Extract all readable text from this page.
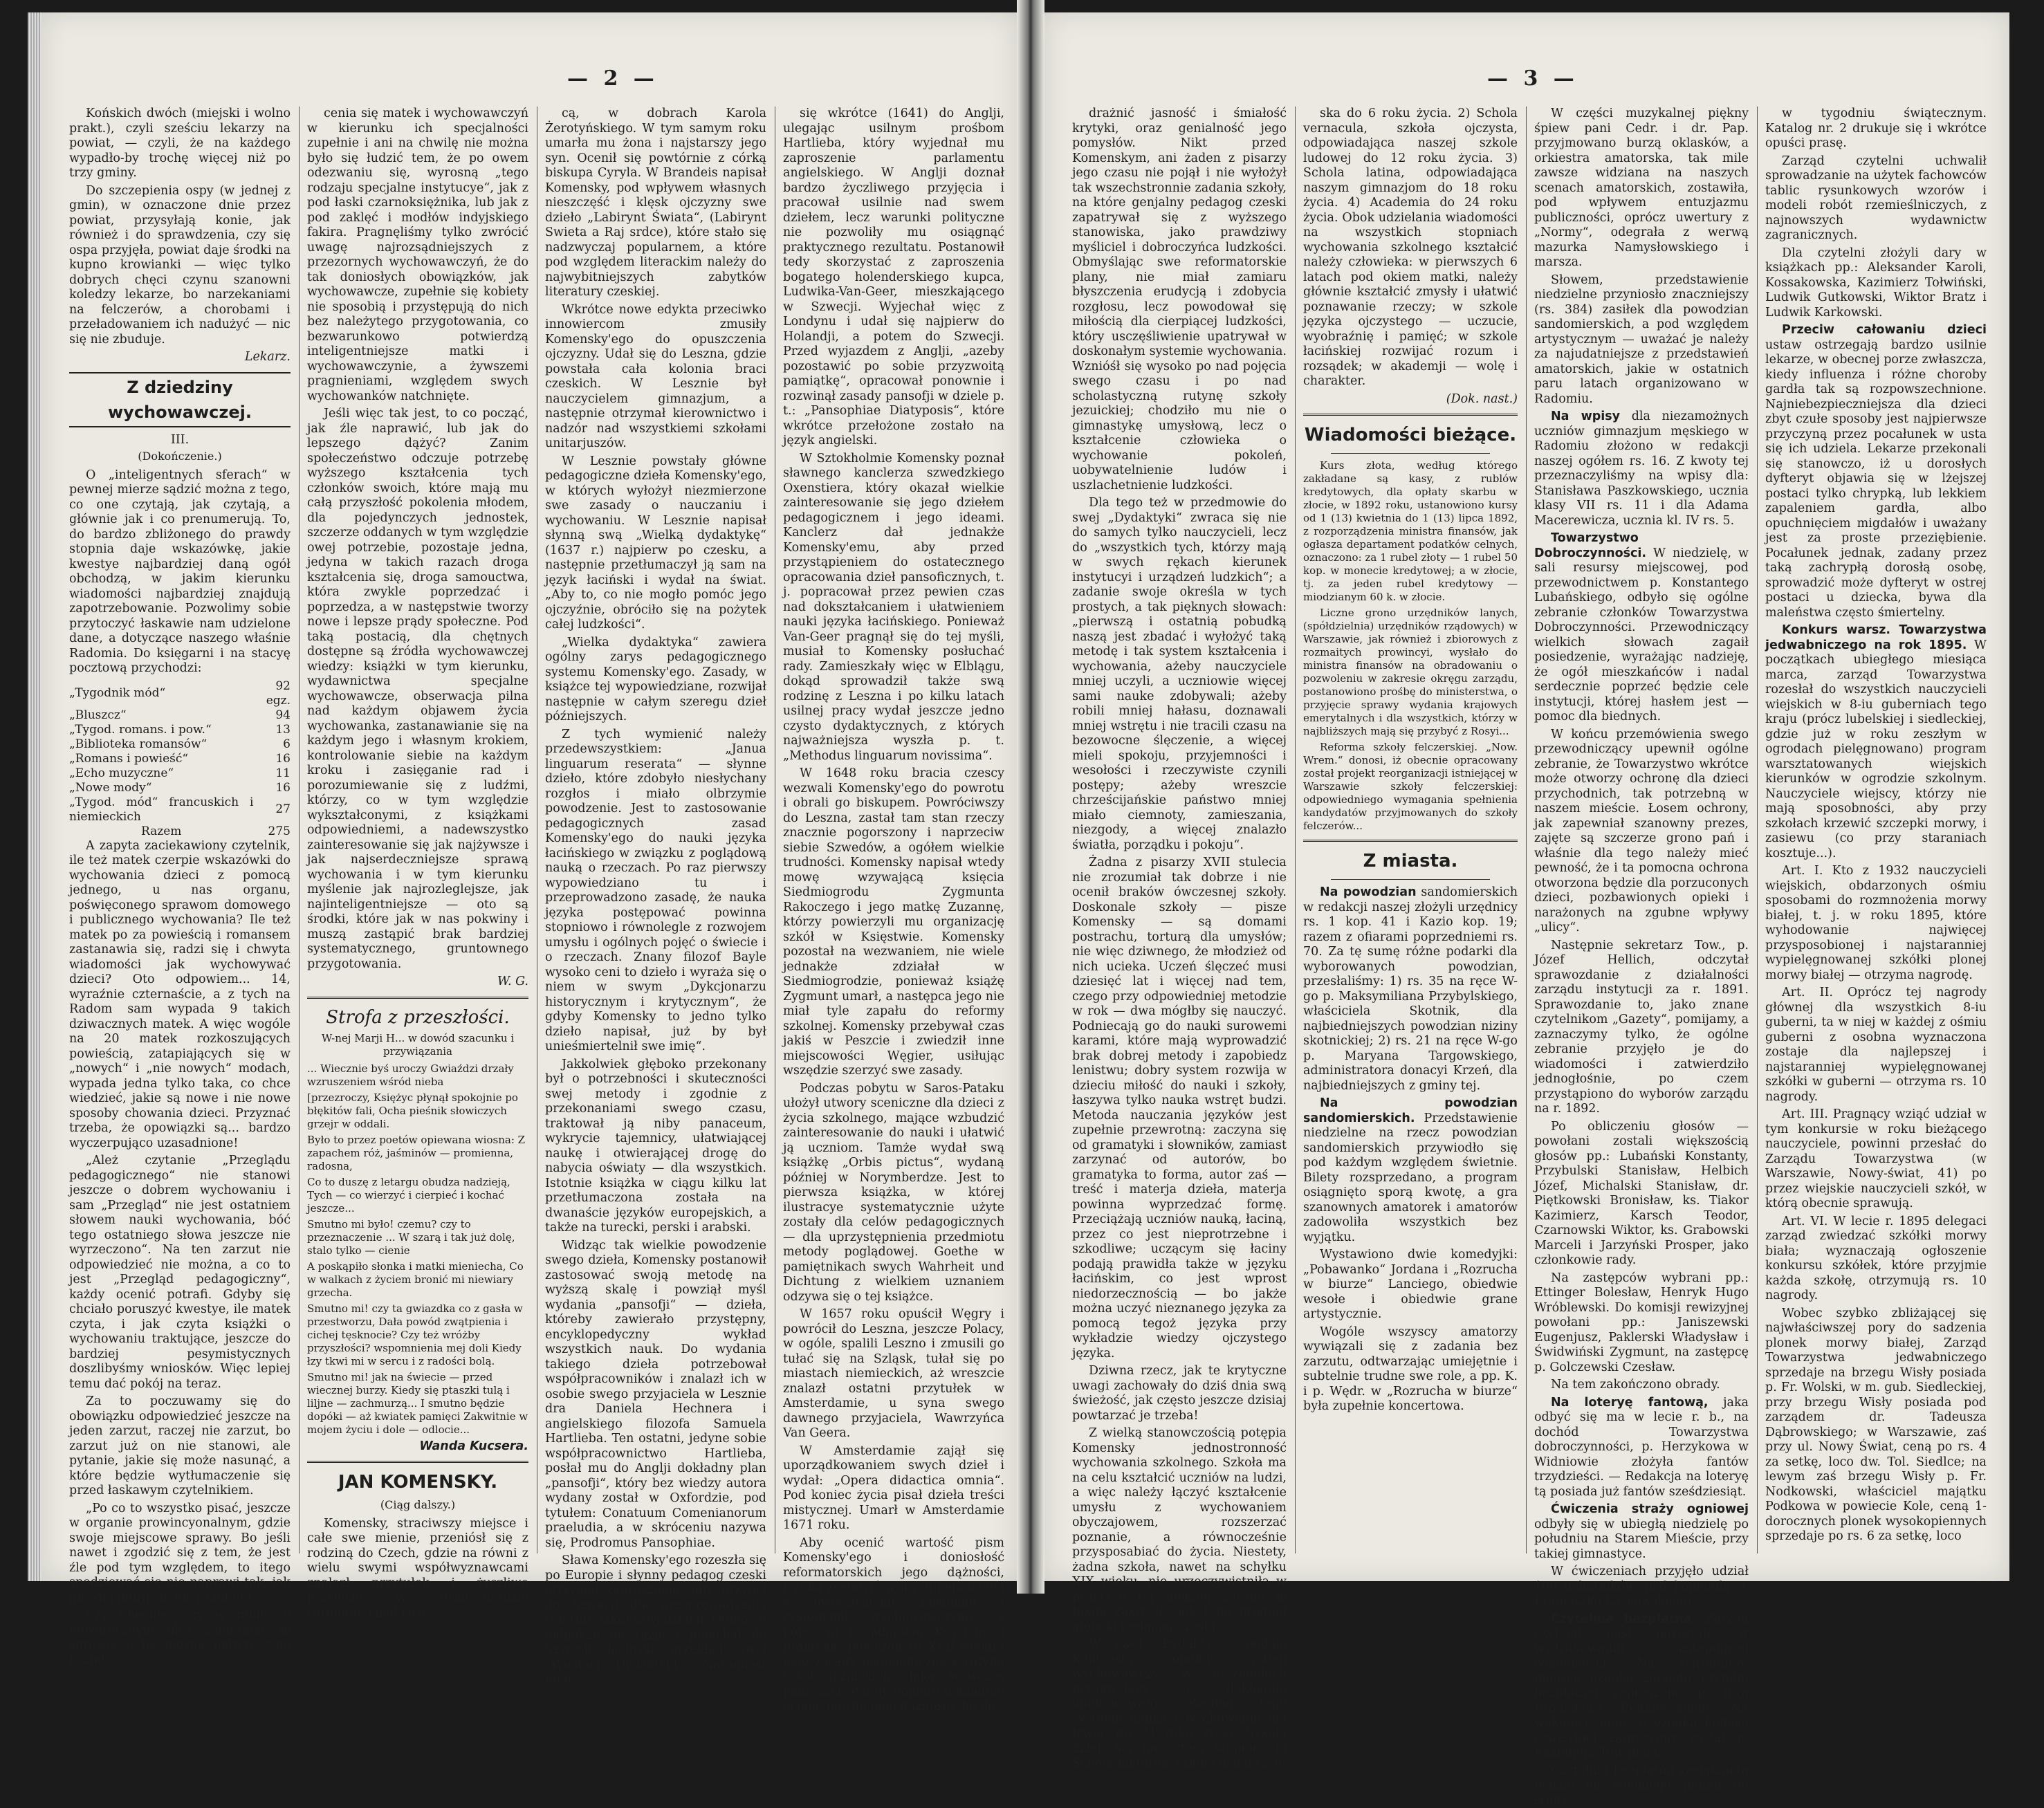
— 2 —

Końskich dwóch (miejski i wolno prakt.), czyli sześciu lekarzy na powiat, — czyli, że na każdego wypadło-by trochę więcej niż po trzy gminy.

Do szczepienia ospy (w jednej z gmin), w oznaczone dnie przez powiat, przysyłają konie, jak również i do sprawdzenia, czy się ospa przyjęła, powiat daje środki na kupno krowianki — więc tylko dobrych chęci czynu szanowni koledzy lekarze, bo narzekaniami na felczerów, a chorobami i przeładowaniem ich nadużyć — nic się nie zbuduje.

Lekarz.
Z dziedziny wychowawczej.
III.
(Dokończenie.)

O „inteligentnych sferach“ w pewnej mierze sądzić można z tego, co one czytają, jak czytają, a głównie jak i co prenumerują. To, do bardzo zbliżonego do prawdy stopnia daje wskazówkę, jakie kwestye najbardziej daną ogół obchodzą, w jakim kierunku wiadomości najbardziej znajdują zapotrzebowanie. Pozwolimy sobie przytoczyć łaskawie nam udzielone dane, a dotyczące naszego właśnie Radomia. Do księgarni i na stacyę pocztową przychodzi:

„Tygodnik mód“	92 egz.
„Bluszcz“	94
„Tygod. romans. i pow.“	13
„Biblioteka romansów“	6
„Romans i powieść“	16
„Echo muzyczne“	11
„Nowe mody“	16
„Tygod. mód“ francuskich i niemieckich	27
Razem	275

A zapyta zaciekawiony czytelnik, ile też matek czerpie wskazówki do wychowania dzieci z pomocą jednego, u nas organu, poświęconego sprawom domowego i publicznego wychowania? Ile też matek po za powieścią i romansem zastanawia się, radzi się i chwyta wiadomości jak wychowywać dzieci? Oto odpowiem... 14, wyraźnie czternaście, a z tych na Radom sam wypada 9 takich dziwacznych matek. A więc wogóle na 20 matek rozkoszujących powieścią, zatapiających się w „nowych“ i „nie nowych“ modach, wypada jedna tylko taka, co chce wiedzieć, jakie są nowe i nie nowe sposoby chowania dzieci. Przyznać trzeba, że opowiązki są... bardzo wyczerpująco uzasadnione!

„Ależ czytanie „Przeglądu pedagogicznego“ nie stanowi jeszcze o dobrem wychowaniu i sam „Przegląd“ nie jest ostatniem słowem nauki wychowania, bóć tego ostatniego słowa jeszcze nie wyrzeczono“. Na ten zarzut nie odpowiedzieć nie można, a co to jest „Przegląd pedagogiczny“, każdy ocenić potrafi. Gdyby się chciało poruszyć kwestye, ile matek czyta, i jak czyta książki o wychowaniu traktujące, jeszcze do bardziej pesymistycznych doszlibyśmy wniosków. Więc lepiej temu dać pokój na teraz.

Za to poczuwamy się do obowiązku odpowiedzieć jeszcze na jeden zarzut, raczej nie zarzut, bo zarzut już on nie stanowi, ale pytanie, jakie się może nasunąć, a które będzie wytłumaczenie się przed łaskawym czytelnikiem.

„Po co to wszystko pisać, jeszcze w organie prowincyonalnym, gdzie swoje miejscowe sprawy. Bo jeśli nawet i zgodzić się z tem, że jest źle pod tym względem, to itego spodziewać się nie naprawi tak, jak główną murą się nie przebije!“

Czy obecnie, czy w numerze noworocznym głos zabierając w sprawie o ile można najwyższego kształ-

cenia się matek i wychowawczyń w kierunku ich specjalności zupełnie i ani na chwilę nie można było się łudzić tem, że po owem odezwaniu się, wyrosną „tego rodzaju specjalne instytucye“, jak z pod łaski czarnoksiężnika, lub jak z pod zaklęć i modłów indyjskiego fakira. Pragnęliśmy tylko zwrócić uwagę najrozsądniejszych z przezornych wychowawczyń, że do tak doniosłych obowiązków, jak wychowawcze, zupełnie się kobiety nie sposobią i przystępują do nich bez należytego przygotowania, co bezwarunkowo potwierdzą inteligentniejsze matki i wychowawczynie, a żywszemi pragnieniami, względem swych wychowanków natchnięte.

Jeśli więc tak jest, to co począć, jak źle naprawić, lub jak do lepszego dążyć? Zanim społeczeństwo odczuje potrzebę wyższego kształcenia tych członków swoich, które mają mu całą przyszłość pokolenia młodem, dla pojedynczych jednostek, szczerze oddanych w tym względzie owej potrzebie, pozostaje jedna, jedyna w takich razach droga kształcenia się, droga samouctwa, która zwykle poprzedzać i poprzedza, a w następstwie tworzy nowe i lepsze prądy społeczne. Pod taką postacią, dla chętnych dostępne są źródła wychowawczej wiedzy: książki w tym kierunku, wydawnictwa specjalne wychowawcze, obserwacja pilna nad każdym objawem życia wychowanka, zastanawianie się na każdym jego i własnym krokiem, kontrolowanie siebie na każdym kroku i zasięganie rad i porozumiewanie się z ludźmi, którzy, co w tym względzie wykształconymi, z książkami odpowiedniemi, a nadewszystko zainteresowanie się jak najżywsze i jak najserdeczniejsze sprawą wychowania i w tym kierunku myślenie jak najrozleglejsze, jak najinteligentniejsze — oto są środki, które jak w nas pokwiny i muszą zastąpić brak bardziej systematycznego, gruntownego przygotowania.

W. G.
Strofa z przeszłości.
W-nej Marji H... w dowód szacunku i przywiązania

... Wiecznie byś uroczy Gwiaździ drzały wzruszeniem wśród nieba

[przezroczy, Księżyc płynął spokojnie po błękitów fali, Ocha pieśnik słowiczych grzejr w oddali.

Było to przez poetów opiewana wiosna: Z zapachem róż, jaśminów — promienna, radosna,

Co to duszę z letargu obudza nadzieją, Tych — co wierzyć i cierpieć i kochać jeszcze...

Smutno mi było! czemu? czy to przeznaczenie ... W szarą i tak już dolę, stalo tylko — cienie

A poskąpiło słonka i matki mieniecha, Co w walkach z życiem bronić mi niewiary grzecha.

Smutno mi! czy ta gwiazdka co z gasła w przestworzu, Dała powód zwątpienia i cichej tęsknocie? Czy też wróżby przyszłości? wspomnienia mej doli Kiedy łzy tkwi mi w sercu i z radości bolą.

Smutno mi! jak na świecie — przed wiecznej burzy. Kiedy się ptaszki tulą i liljne — zachmurzą... I smutno będzie dopóki — aż kwiatek pamięci Zakwitnie w mojem życiu i dole — odlocie...

Wanda Kucsera.
JAN KOMENSKY.
(Ciąg dalszy.)

Komensky, straciwszy miejsce i całe swe mienie, przeniósł się z rodziną do Czech, gdzie na równi z wielu swymi współwyznawcami znalazł przytułek i życzliwe przyjęcie w Branychradzie (Brandeis) nad Orli-

cą, w dobrach Karola Żerotyńskiego. W tym samym roku umarła mu żona i najstarszy jego syn. Ocenił się powtórnie z córką biskupa Cyryla. W Brandeis napisał Komensky, pod wpływem własnych nieszczęść i klęsk ojczyzny swe dzieło „Labirynt Świata“, (Labirynt Swieta a Raj srdce), które stało się nadzwyczaj popularnem, a które pod względem literackim należy do najwybitniejszych zabytków literatury czeskiej.

Wkrótce nowe edykta przeciwko innowiercom zmusiły Komensky'ego do opuszczenia ojczyzny. Udał się do Leszna, gdzie powstała cała kolonia braci czeskich. W Lesznie był nauczycielem gimnazjum, a następnie otrzymał kierownictwo i nadzór nad wszystkiemi szkołami unitarjuszów.

W Lesznie powstały główne pedagogiczne dzieła Komensky'ego, w których wyłożył niezmierzone swe zasady o nauczaniu i wychowaniu. W Lesznie napisał słynną swą „Wielką dydaktykę“ (1637 r.) najpierw po czesku, a następnie przetłumaczył ją sam na język łaciński i wydał na świat. „Aby to, co nie mogło pomóc jego ojczyźnie, obróciło się na pożytek całej ludzkości“.

„Wielka dydaktyka“ zawiera ogólny zarys pedagogicznego systemu Komensky'ego. Zasady, w książce tej wypowiedziane, rozwijał następnie w całym szeregu dzieł późniejszych.

Z tych wymienić należy przedewszystkiem: „Janua linguarum reserata“ — słynne dzieło, które zdobyło niesłychany rozgłos i miało olbrzymie powodzenie. Jest to zastosowanie pedagogicznych zasad Komensky'ego do nauki języka łacińskiego w związku z poglądową nauką o rzeczach. Po raz pierwszy wypowiedziano tu i przeprowadzono zasadę, że nauka języka postępować powinna stopniowo i równolegle z rozwojem umysłu i ogólnych pojęć o świecie i o rzeczach. Znany filozof Bayle wysoko ceni to dzieło i wyraża się o niem w swym „Dykcjonarzu historycznym i krytycznym“, że gdyby Komensky to jedno tylko dzieło napisał, już by był unieśmiertelnił swe imię“.

Jakkolwiek głęboko przekonany był o potrzebności i skuteczności swej metody i zgodnie z przekonaniami swego czasu, traktował ją niby panaceum, wykrycie tajemnicy, ułatwiającej naukę i otwierającej drogę do nabycia oświaty — dla wszystkich. Istotnie książka w ciągu kilku lat przetłumaczona została na dwanaście języków europejskich, a także na turecki, perski i arabski.

Widząc tak wielkie powodzenie swego dzieła, Komensky postanowił zastosować swoją metodę na wyższą skalę i powziął myśl wydania „pansofji“ — dzieła, któreby zawierało przystępny, encyklopedyczny wykład wszystkich nauk. Do wydania takiego dzieła potrzebował współpracowników i znalazł ich w osobie swego przyjaciela w Lesznie dra Daniela Hechnera i angielskiego filozofa Samuela Hartlieba. Ten ostatni, jedyne sobie współpracownictwo Hartlieba, posłał mu do Anglji dokładny plan „pansofji“, który bez wiedzy autora wydany został w Oxfordzie, pod tytułem: Conatuum Comenianorum praeludia, a w skróceniu nazywa się, Prodromus Pansophiae.

Sława Komensky'ego rozeszła się po Europie i słynny pedagog czeski otrzymał zaproszenie, aby przybył do Szwecji dla przeprowadzenia reformy szkół szwedzkich. Odmówił jednakże na razie i pojechał do Szwecji łaciński przekład swej „Wielkiej Dydaktyki“. Natomiast udał

się wkrótce (1641) do Anglji, ulegając usilnym prośbom Hartlieba, który wyjednał mu zaproszenie parlamentu angielskiego. W Anglji doznał bardzo życzliwego przyjęcia i pracował usilnie nad swem dziełem, lecz warunki polityczne nie pozwoliły mu osiągnąć praktycznego rezultatu. Postanowił tedy skorzystać z zaproszenia bogatego holenderskiego kupca, Ludwika-Van-Geer, mieszkającego w Szwecji. Wyjechał więc z Londynu i udał się najpierw do Holandji, a potem do Szwecji. Przed wyjazdem z Anglji, „azeby pozostawić po sobie przyzwoitą pamiątkę“, opracował ponownie i rozwinął zasady pansofji w dziele p. t.: „Pansophiae Diatyposis“, które wkrótce przełożone zostało na język angielski.

W Sztokholmie Komensky poznał sławnego kanclerza szwedzkiego Oxenstiera, który okazał wielkie zainteresowanie się jego dziełem pedagogicznem i jego ideami. Kanclerz dał jednakże Komensky'emu, aby przed przystąpieniem do ostatecznego opracowania dzieł pansoficznych, t. j. popracował przez pewien czas nad dokształcaniem i ułatwieniem nauki języka łacińskiego. Ponieważ Van-Geer pragnął się do tej myśli, musiał to Komensky posłuchać rady. Zamieszkały więc w Elblągu, dokąd sprowadził także swą rodzinę z Leszna i po kilku latach usilnej pracy wydał jeszcze jedno czysto dydaktycznych, z których najważniejsza wyszła p. t. „Methodus linguarum novissima“.

W 1648 roku bracia czescy wezwali Komensky'ego do powrotu i obrali go biskupem. Powróciwszy do Leszna, zastał tam stan rzeczy znacznie pogorszony i naprzeciw siebie Szwedów, a ogółem wielkie trudności. Komensky napisał wtedy mowę wzywającą księcia Siedmiogrodu Zygmunta Rakoczego i jego matkę Zuzannę, którzy powierzyli mu organizację szkół w Księstwie. Komensky pozostał na wezwaniem, nie wiele jednakże zdziałał w Siedmiogrodzie, ponieważ książę Zygmunt umarł, a następca jego nie miał tyle zapału do reformy szkolnej. Komensky przebywał czas jakiś w Peszcie i zwiedził inne miejscowości Węgier, usiłując wszędzie szerzyć swe zasady.

Podczas pobytu w Saros-Pataku ułożył utwory sceniczne dla dzieci z życia szkolnego, mające wzbudzić zainteresowanie do nauki i ułatwić ją uczniom. Tamże wydał swą książkę „Orbis pictus“, wydaną później w Norymberdze. Jest to pierwsza książka, w której ilustracye systematycznie użyte zostały dla celów pedagogicznych — dla uprzystępnienia przedmiotu metody poglądowej. Goethe w pamiętnikach swych Wahrheit und Dichtung z wielkiem uznaniem odzywa się o tej książce.

W 1657 roku opuścił Węgry i powrócił do Leszna, jeszcze Polacy, w ogóle, spalili Leszno i zmusili go tułać się na Szląsk, tułał się po miastach niemieckich, aż wreszcie znalazł ostatni przytułek w Amsterdamie, u syna swego dawnego przyjaciela, Wawrzyńca Van Geera.

W Amsterdamie zajął się uporządkowaniem swych dzieł i wydał: „Opera didactica omnia“. Pod koniec życia pisał dzieła treści mistycznej. Umarł w Amsterdamie 1671 roku.

Aby ocenić wartość pism Komensky'ego i doniosłość reformatorskich jego dążności, trzeba zestawić w myśli jego dzieła z owoczesnymi zasadami i systemami wychowawczymi, z pojęciem i zadaniem Kościoła, i praktyką społeczeństw XVII wieku i jego zasady pedagogiczne z rutyną szkół jezuickich, jaką wówczas panowała. Wtedy dopiero dokładnie ocenić można jego dążności, bo do-

— 3 —

drażnić jasność i śmiałość krytyki, oraz genialność jego pomysłów. Nikt przed Komenskym, ani żaden z pisarzy jego czasu nie pojął i nie wyłożył tak wszechstronnie zadania szkoły, na które genjalny pedagog czeski zapatrywał się z wyższego stanowiska, jako prawdziwy myśliciel i dobroczyńca ludzkości. Obmyślając swe reformatorskie plany, nie miał zamiaru błyszczenia erudycją i zdobycia rozgłosu, lecz powodował się miłością dla cierpiącej ludzkości, który usczęśliwienie upatrywał w doskonałym systemie wychowania. Wznióśł się wysoko po nad pojęcia swego czasu i po nad scholastyczną rutynę szkoły jezuickiej; chodziło mu nie o gimnastykę umysłową, lecz o kształcenie człowieka o wychowanie pokoleń, uobywatelnienie ludów i uszlachetnienie ludzkości.

Dla tego też w przedmowie do swej „Dydaktyki“ zwraca się nie do samych tylko nauczycieli, lecz do „wszystkich tych, którzy mają w swych rękach kierunek instytucyi i urządzeń ludzkich“; a zadanie swoje określa w tych prostych, a tak pięknych słowach: „pierwszą i ostatnią pobudką naszą jest zbadać i wyłożyć taką metodę i tak system kształcenia i wychowania, ażeby nauczyciele mniej uczyli, a uczniowie więcej sami nauke zdobywali; ażeby robili mniej hałasu, doznawali mniej wstrętu i nie tracili czasu na bezowocne ślęczenie, a więcej mieli spokoju, przyjemności i wesołości i rzeczywiste czynili postępy; ażeby wreszcie chrześcijańskie państwo mniej miało ciemnoty, zamieszania, niezgody, a więcej znalazło światła, porządku i pokoju“.

Żadna z pisarzy XVII stulecia nie zrozumiał tak dobrze i nie ocenił braków ówczesnej szkoły. Doskonale szkoły — pisze Komensky — są domami postrachu, torturą dla umysłów; nie więc dziwnego, że młodzież od nich ucieka. Uczeń ślęczeć musi dziesięć lat i więcej nad tem, czego przy odpowiedniej metodzie w rok — dwa mógłby się nauczyć. Podniecają go do nauki surowemi karami, które mają wyprowadzić brak dobrej metody i zapobiedz lenistwu; dobry system rozwija w dzieciu miłość do nauki i szkoły, łaszywa tylko nauka wstręt budzi. Metoda nauczania języków jest zupełnie przewrotną: zaczyna się od gramatyki i słowników, zamiast zarzynać od autorów, bo gramatyka to forma, autor zaś — treść i materja dzieła, materja powinna wyprzedzać formę. Przeciążają uczniów nauką, łaciną, przez co jest nieprotrzebne i szkodliwe; uczącym się łaciny podają prawidła także w języku łacińskim, co jest wprost niedorzecznością — bo jakże można uczyć nieznanego języka za pomocą tegoż języka przy wykładzie wiedzy ojczystego języka.

Dziwna rzecz, jak te krytyczne uwagi zachowały do dziś dnia swą świeżość, jak często jeszcze dzisiaj powtarzać je trzeba!

Z wielką stanowczością potępia Komensky jednostronność wychowania szkolnego. Szkoła ma na celu kształcić uczniów na ludzi, a więc należy łączyć kształcenie umysłu z wychowaniem obyczajowem, rozszerzać poznanie, a równocześnie przysposabiać do życia. Niestety, żadna szkoła, nawet na schyłku XIX wieku, nie urzeczywistniła w praktyce tej pięknej zasady w takim zakresie, jak tego pragnął głęboki pedagog czeski.

W swej „Dydaktyce“ podaje Komensky zupełny system wychowawczy, w szczegółach przemyślany i dokładnie umotywowany. Według tego systemu nauka i wychowanie ma trwać do 24 roku życia. Szkoła dzieli się na cztery stopnie: 1) Schola materna, szkoła macierzyń-

ska do 6 roku życia. 2) Schola vernacula, szkoła ojczysta, odpowiadająca naszej szkole ludowej do 12 roku życia. 3) Schola latina, odpowiadająca naszym gimnazjom do 18 roku życia. 4) Academia do 24 roku życia. Obok udzielania wiadomości na wszystkich stopniach wychowania szkolnego kształcić należy człowieka: w pierwszych 6 latach pod okiem matki, należy głównie kształcić zmysły i ułatwić poznawanie rzeczy; w szkole języka ojczystego — uczucie, wyobraźnię i pamięć; w szkole łacińskiej rozwijać rozum i rozsądek; w akademji — wolę i charakter.

(Dok. nast.)
Wiadomości bieżące.

Kurs złota, według którego zakładane są kasy, z rublów kredytowych, dla opłaty skarbu w złocie, w 1892 roku, ustanowiono kursy od 1 (13) kwietnia do 1 (13) lipca 1892, z rozporządzenia ministra finansów, jak ogłasza departament podatków celnych, oznaczono: za 1 rubel złoty — 1 rubel 50 kop. w monecie kredytowej; a w złocie, tj. za jeden rubel kredytowy — miodzianym 60 k. w złocie.

Liczne grono urzędników lanych, (spółdzielnia) urzędników rządowych) w Warszawie, jak również i zbiorowych z rozmaitych prowincyi, wysłało do ministra finansów na obradowaniu o pozwoleniu w zakresie okręgu zarządu, postanowiono prośbę do ministerstwa, o przyjęcie sprawy wydania krajowych emerytalnych i dla wszystkich, którzy w najbliższych mają się przybyć z Rosyi...

Reforma szkoły felczerskiej. „Now. Wrem.“ donosi, iż obecnie opracowany został projekt reorganizacji istniejącej w Warszawie szkoły felczerskiej: odpowiedniego wymagania spełnienia kandydatów przyjmowanych do szkoły felczerów...

Z miasta.

Na powodzian sandomierskich w redakcji naszej złożyli urzędnicy rs. 1 kop. 41 i Kazio kop. 19; razem z ofiarami poprzedniemi rs. 70. Za tę sumę różne podarki dla wyborowanych powodzian, przesłaliśmy: 1) rs. 35 na ręce W-go p. Maksymiliana Przybylskiego, właściciela Skotnik, dla najbiedniejszych powodzian niziny skotnickiej; 2) rs. 21 na ręce W-go p. Maryana Targowskiego, administratora donacyi Krzeń, dla najbiedniejszych z gminy tej.

Na powodzian sandomierskich. Przedstawienie niedzielne na rzecz powodzian sandomierskich przywiodło się pod każdym względem świetnie. Bilety rozsprzedano, a program osiągnięto sporą kwotę, a gra szanownych amatorek i amatorów zadowoliła wszystkich bez wyjątku.

Wystawiono dwie komedyjki: „Pobawanko“ Jordana i „Rozrucha w biurze“ Lanciego, obiedwie wesołe i obiedwie grane artystycznie.

Wogóle wszyscy amatorzy wywiązali się z zadania bez zarzutu, odtwarzając umiejętnie i subtelnie trudne swe role, a pp. K. i p. Wędr. w „Rozrucha w biurze“ była zupełnie koncertowa.

W części muzykalnej piękny śpiew pani Cedr. i dr. Pap. przyjmowano burzą oklasków, a orkiestra amatorska, tak mile zawsze widziana na naszych scenach amatorskich, zostawiła, pod wpływem entuzjazmu publiczności, oprócz uwertury z „Normy“, odegrała z werwą mazurka Namysłowskiego i marsza.

Słowem, przedstawienie niedzielne przyniosło znaczniejszy (rs. 384) zasiłek dla powodzian sandomierskich, a pod względem artystycznym — uważać je należy za najudatniejsze z przedstawień amatorskich, jakie w ostatnich paru latach organizowano w Radomiu.

Na wpisy dla niezamożnych uczniów gimnazjum męskiego w Radomiu złożono w redakcji naszej ogółem rs. 16. Z kwoty tej przeznaczyliśmy na wpisy dla: Stanisława Paszkowskiego, ucznia klasy VII rs. 11 i dla Adama Macerewicza, ucznia kl. IV rs. 5.

Towarzystwo Dobroczynności. W niedzielę, w sali resursy miejscowej, pod przewodnictwem p. Konstantego Lubańskiego, odbyło się ogólne zebranie członków Towarzystwa Dobroczynności. Przewodniczący wielkich słowach zagaił posiedzenie, wyrażając nadzieję, że ogół mieszkańców i nadal serdecznie poprzeć będzie cele instytucji, której hasłem jest — pomoc dla biednych.

W końcu przemówienia swego przewodniczący upewnił ogólne zebranie, że Towarzystwo wkrótce może otworzy ochronę dla dzieci przychodnich, tak potrzebną w naszem mieście. Łosem ochrony, jak zapewniał szanowny prezes, zajęte są szczerze grono pań i właśnie dla tego należy mieć pewność, że i ta pomocna ochrona otworzona będzie dla porzuconych dzieci, pozbawionych opieki i narażonych na zgubne wpływy „ulicy“.

Następnie sekretarz Tow., p. Józef Hellich, odczytał sprawozdanie z działalności zarządu instytucji za r. 1891. Sprawozdanie to, jako znane czytelnikom „Gazety“, pomijamy, a zaznaczymy tylko, że ogólne zebranie przyjęło je do wiadomości i zatwierdziło jednogłośnie, po czem przystąpiono do wyborów zarządu na r. 1892.

Po obliczeniu głosów — powołani zostali większością głosów pp.: Lubański Konstanty, Przybulski Stanisław, Helbich Józef, Michalski Stanisław, dr. Piętkowski Bronisław, ks. Tiakor Kazimierz, Karsch Teodor, Czarnowski Wiktor, ks. Grabowski Marceli i Jarzyński Prosper, jako członkowie rady.

Na zastępców wybrani pp.: Ettinger Bolesław, Henryk Hugo Wróblewski. Do komisji rewizyjnej powołani pp.: Janiszewski Eugenjusz, Paklerski Władysław i Świdwiński Zygmunt, na zastępcę p. Golczewski Czesław.

Na tem zakończono obrady.

Na loteryę fantową, jaka odbyć się ma w lecie r. b., na dochód Towarzystwa dobroczynności, p. Herzykowa w Widniowie złożyła fantów trzydzieści. — Redakcja na loteryę tą posiada już fantów sześdziesiąt.

Ćwiczenia straży ogniowej odbyły się w ubiegłą niedzielę po południu na Starem Mieście, przy takiej gimnastyce.

W ćwiczeniach przyjęło udział 100 uchotników, pod komendą p. Franciszka Laskowskiego.

Czytelnia bezpłatna. Zarząd czytelni nasi pozostaje w wydrukowaniu następującej wiadomości: Na ogrodnicze miejsce ożonka zarządu czytelni bezpłatnej zaproszono p. d-ra Bronisława Piątkowskiego. Na wakujące miejsce ożonka komisji rewizyjnej zaproszony został p. Kazimierz Tołwiński.

Czytelnia bezpłatna zasiąknięta będzie od wielkiego piątku do środy

w tygodniu świątecznym. Katalog nr. 2 drukuje się i wkrótce opuści prasę.

Zarząd czytelni uchwalił sprowadzanie na użytek fachowców tablic rysunkowych wzorów i modeli robót rzemieślniczych, z najnowszych wydawnictw zagranicznych.

Dla czytelni złożyli dary w książkach pp.: Aleksander Karoli, Kossakowska, Kazimierz Tołwiński, Ludwik Gutkowski, Wiktor Bratz i Ludwik Karkowski.

Przeciw całowaniu dzieci ustaw ostrzegają bardzo usilnie lekarze, w obecnej porze zwłaszcza, kiedy influenza i różne choroby gardła tak są rozpowszechnione. Najniebezpieczniejsza dla dzieci zbyt czułe sposoby jest najpierwsze przyczyną przez pocałunek w usta się ich udziela. Lekarze przekonali się stanowczo, iż u dorosłych dyfteryt objawia się w lżejszej postaci tylko chrypką, lub lekkiem zapaleniem gardła, albo opuchnięciem migdałów i uważany jest za proste przeziębienie. Pocałunek jednak, zadany przez taką zachrypłą dorosłą osobę, sprowadzić może dyfteryt w ostrej postaci u dziecka, bywa dla maleństwa często śmiertelny.

Konkurs warsz. Towarzystwa jedwabniczego na rok 1895. W początkach ubiegłego miesiąca marca, zarząd Towarzystwa rozesłał do wszystkich nauczycieli wiejskich w 8-iu guberniach tego kraju (prócz lubelskiej i siedleckiej, gdzie już w roku zeszłym w ogrodach pielęgnowano) program warsztatowanych wiejskich kierunków w ogrodzie szkolnym. Nauczyciele wiejscy, którzy nie mają sposobności, aby przy szkołach krzewić szczepki morwy, i zasiewu (co przy staraniach kosztuje...).

Art. I. Kto z 1932 nauczycieli wiejskich, obdarzonych ośmiu sposobami do rozmnożenia morwy białej, t. j. w roku 1895, które wyhodowanie najwięcej przysposobionej i najstaranniej wypielęgnowanej szkółki plonej morwy białej — otrzyma nagrodę.

Art. II. Oprócz tej nagrody głównej dla wszystkich 8-iu guberni, ta w niej w każdej z ośmiu guberni z osobna wyznaczona zostaje dla najlepszej i najstaranniej wypielęgnowanej szkółki w guberni — otrzyma rs. 10 nagrody.

Art. III. Pragnący wziąć udział w tym konkursie w roku bieżącego nauczyciele, powinni przesłać do Zarządu Towarzystwa (w Warszawie, Nowy-świat, 41) po przez wiejskie nauczycieli szkół, w którą obecnie sprawują.

Art. VI. W lecie r. 1895 delegaci zarząd zwiedzać szkółki morwy biała; wyznaczają ogłoszenie konkursu szkółek, które przyjmie każda szkołę, otrzymują rs. 10 nagrody.

Wobec szybko zbliżającej się najwłaściwszej pory do sadzenia plonek morwy białej, Zarząd Towarzystwa jedwabniczego sprzedaje na brzegu Wisły posiada p. Fr. Wolski, w m. gub. Siedleckiej, przy brzegu Wisły posiada pod zarządem dr. Tadeusza Dąbrowskiego; w Warszawie, zaś przy ul. Nowy Świat, ceną po rs. 4 za setkę, loco dw. Tol. Siedlce; na lewym zaś brzegu Wisły p. Fr. Nodkowski, właściciel majątku Podkowa w powiecie Kole, ceną 1-dorocznych plonek wysokopiennych sprzedaje po rs. 6 za setkę, loco
